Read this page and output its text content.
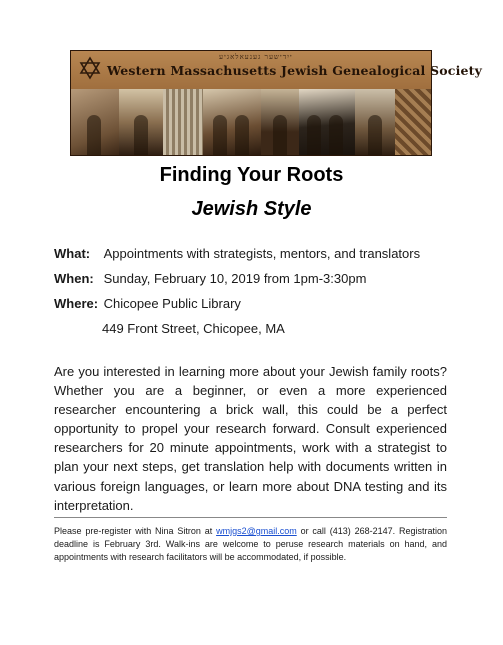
ייִדישער גענעאלאגיע
Western Massachusetts Jewish Genealogical Society
Finding Your Roots
Jewish Style
What: Appointments with strategists, mentors, and translators
When: Sunday, February 10, 2019 from 1pm-3:30pm
Where: Chicopee Public Library
449 Front Street, Chicopee, MA
Are you interested in learning more about your Jewish family roots? Whether you are a beginner, or even a more experienced researcher encountering a brick wall, this could be a perfect opportunity to propel your research forward. Consult experienced researchers for 20 minute appointments, work with a strategist to plan your next steps, get translation help with documents written in various foreign languages, or learn more about DNA testing and its interpretation.
Please pre-register with Nina Sitron at wmjgs2@gmail.com or call (413) 268-2147. Registration deadline is February 3rd. Walk-ins are welcome to peruse research materials on hand, and appointments with research facilitators will be accommodated, if possible.
